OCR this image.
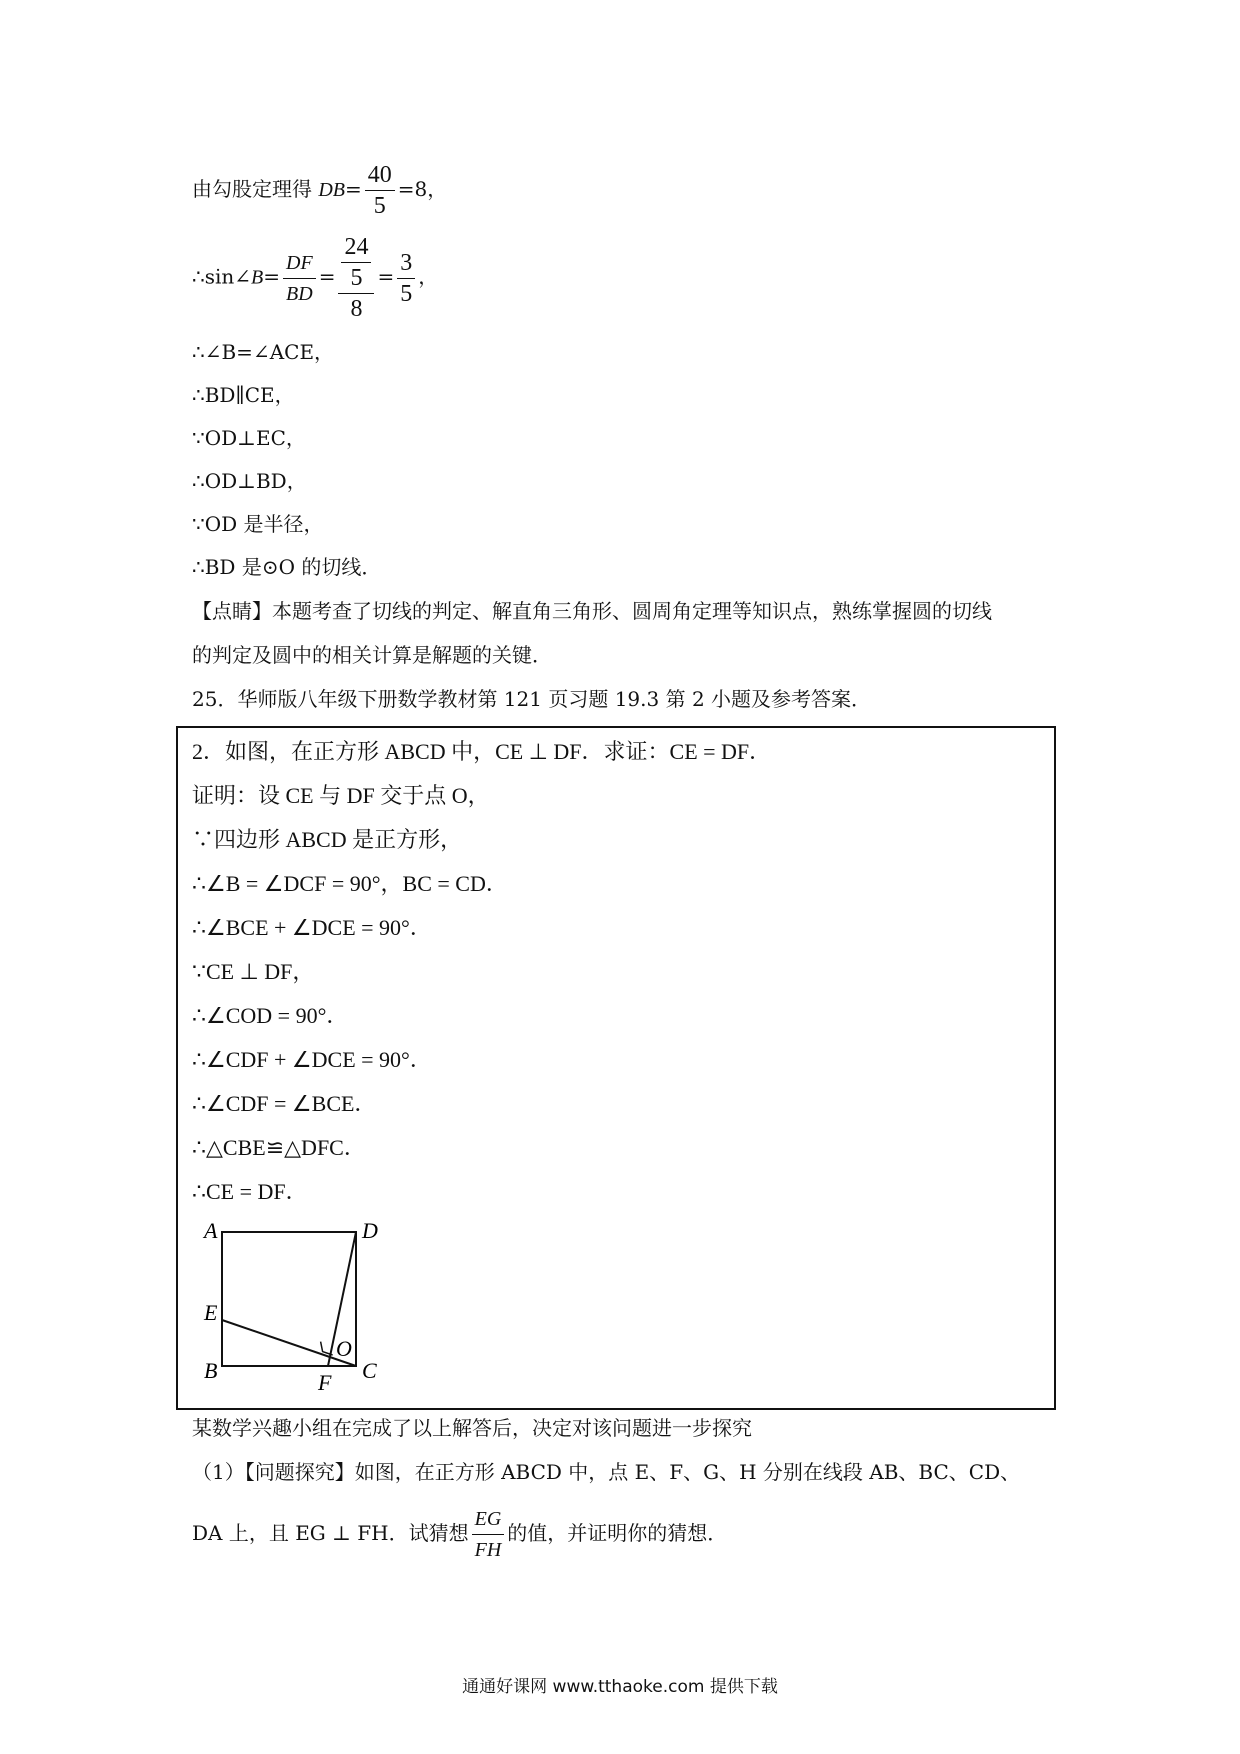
由勾股定理得 $DB= \frac{40}{5} =8$，
∴sin∠B= $\frac{DF}{BD} = \frac{\frac{24}{5}}{8} = \frac{3}{5}$ ，
∴∠B=∠ACE，
∴BD∥CE，
∵OD⊥EC，
∴OD⊥BD，
∵OD 是半径，
∴BD 是⊙O 的切线．
【点睛】本题考查了切线的判定、解直角三角形、圆周角定理等知识点，熟练掌握圆的切线
的判定及圆中的相关计算是解题的关键．
25．华师版八年级下册数学教材第 121 页习题 19.3 第 2 小题及参考答案．
2．如图，在正方形 ABCD 中，CE ⊥ DF．求证：CE = DF．
证明：设 CE 与 DF 交于点 O，
∵四边形 ABCD 是正方形，
∴∠B = ∠DCF = 90°，BC = CD．
∴∠BCE + ∠DCE = 90°．
∵CE ⊥ DF，
∴∠COD = 90°．
∴∠CDF + ∠DCE = 90°．
∴∠CDF = ∠BCE．
∴△CBE≌△DFC．
∴CE = DF．
A	D
E
B	C
F
O
某数学兴趣小组在完成了以上解答后，决定对该问题进一步探究
（1）【问题探究】如图，在正方形 ABCD 中，点 E、F、G、H 分别在线段 AB、BC、CD、
DA 上，且 EG ⊥ FH．试猜想 $\frac{EG}{FH}$ 的值，并证明你的猜想．
通通好课网 www.tthaoke.com 提供下载
